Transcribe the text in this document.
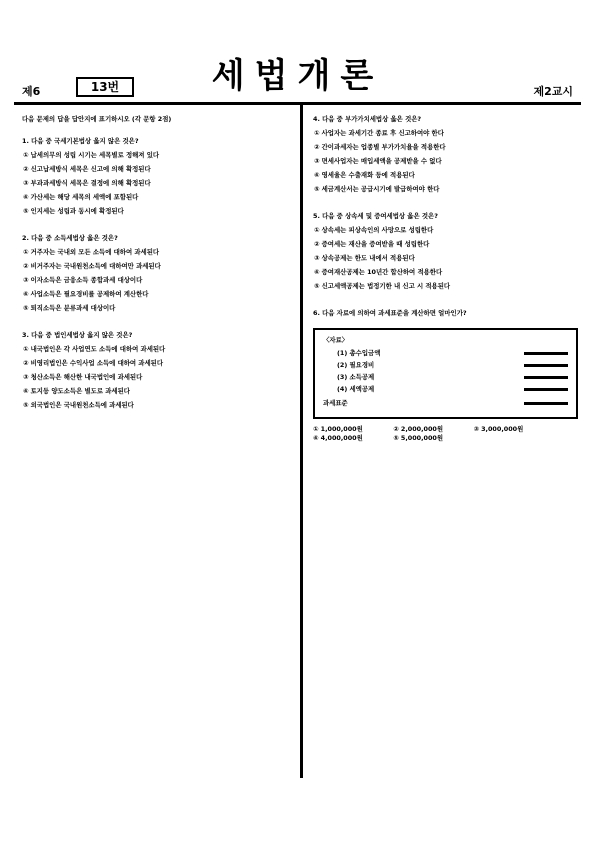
제6	13번	세법개론	제2교시
다음 문제의 답을 답안지에 표기하시오 (각 문항 2점)
1. 다음 중 국세기본법상 옳지 않은 것은?
① 납세의무의 성립 시기는 세목별로 정해져 있다
② 신고납세방식 세목은 신고에 의해 확정된다
③ 부과과세방식 세목은 결정에 의해 확정된다
④ 가산세는 해당 세목의 세액에 포함된다
⑤ 인지세는 성립과 동시에 확정된다
2. 다음 중 소득세법상 옳은 것은?
① 거주자는 국내외 모든 소득에 대하여 과세된다
② 비거주자는 국내원천소득에 대하여만 과세된다
③ 이자소득은 금융소득 종합과세 대상이다
④ 사업소득은 필요경비를 공제하여 계산한다
⑤ 퇴직소득은 분류과세 대상이다
3. 다음 중 법인세법상 옳지 않은 것은?
① 내국법인은 각 사업연도 소득에 대하여 과세된다
② 비영리법인은 수익사업 소득에 대하여 과세된다
③ 청산소득은 해산한 내국법인에 과세된다
④ 토지등 양도소득은 별도로 과세된다
⑤ 외국법인은 국내원천소득에 과세된다
4. 다음 중 부가가치세법상 옳은 것은?
① 사업자는 과세기간 종료 후 신고하여야 한다
② 간이과세자는 업종별 부가가치율을 적용한다
③ 면세사업자는 매입세액을 공제받을 수 없다
④ 영세율은 수출재화 등에 적용된다
⑤ 세금계산서는 공급시기에 발급하여야 한다
5. 다음 중 상속세 및 증여세법상 옳은 것은?
① 상속세는 피상속인의 사망으로 성립한다
② 증여세는 재산을 증여받을 때 성립한다
③ 상속공제는 한도 내에서 적용된다
④ 증여재산공제는 10년간 합산하여 적용한다
⑤ 신고세액공제는 법정기한 내 신고 시 적용된다
6. 다음 자료에 의하여 과세표준을 계산하면 얼마인가?
〈자료〉
(1) 총수입금액
(2) 필요경비
(3) 소득공제
(4) 세액공제
과세표준
① 1,000,000원	② 2,000,000원	③ 3,000,000원 ④ 4,000,000원	⑤ 5,000,000원
